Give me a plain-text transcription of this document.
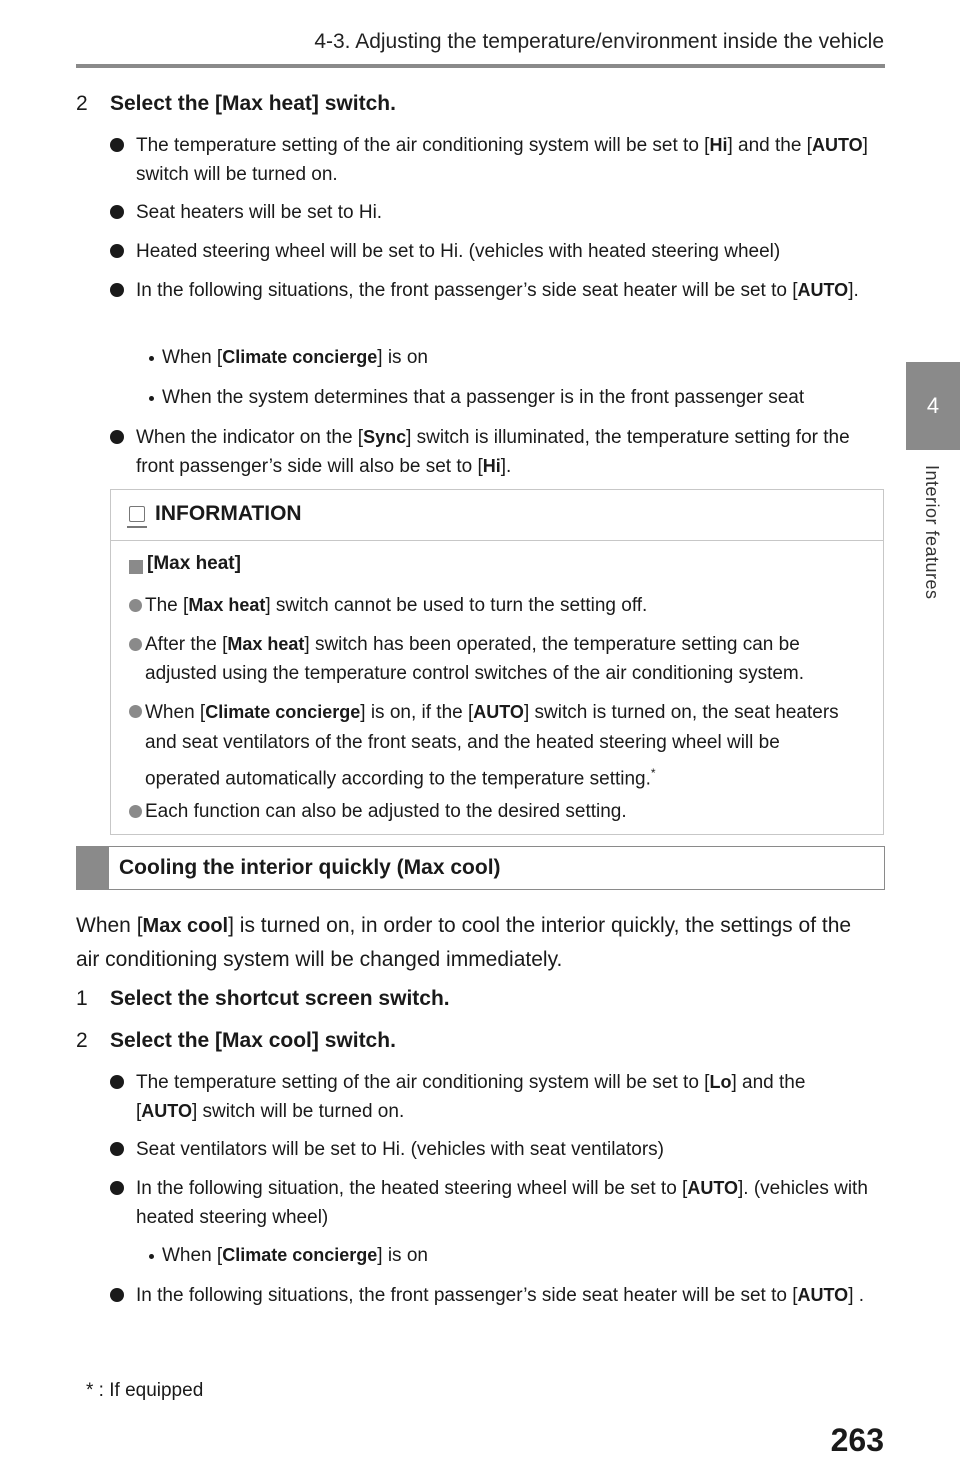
4-3. Adjusting the temperature/environment inside the vehicle
4
Interior features
2 Select the [Max heat] switch.
The temperature setting of the air conditioning system will be set to [Hi] and the [AUTO] switch will be turned on.
Seat heaters will be set to Hi.
Heated steering wheel will be set to Hi. (vehicles with heated steering wheel)
In the following situations, the front passenger’s side seat heater will be set to [AUTO].
When [Climate concierge] is on
When the system determines that a passenger is in the front passenger seat
When the indicator on the [Sync] switch is illuminated, the temperature setting for the front passenger’s side will also be set to [Hi].
INFORMATION
[Max heat]
The [Max heat] switch cannot be used to turn the setting off.
After the [Max heat] switch has been operated, the temperature setting can be adjusted using the temperature control switches of the air conditioning system.
When [Climate concierge] is on, if the [AUTO] switch is turned on, the seat heaters and seat ventilators of the front seats, and the heated steering wheel will be operated automatically according to the temperature setting.*
Each function can also be adjusted to the desired setting.
Cooling the interior quickly (Max cool)
When [Max cool] is turned on, in order to cool the interior quickly, the settings of the air conditioning system will be changed immediately.
1 Select the shortcut screen switch.
2 Select the [Max cool] switch.
The temperature setting of the air conditioning system will be set to [Lo] and the [AUTO] switch will be turned on.
Seat ventilators will be set to Hi. (vehicles with seat ventilators)
In the following situation, the heated steering wheel will be set to [AUTO]. (vehicles with heated steering wheel)
When [Climate concierge] is on
In the following situations, the front passenger’s side seat heater will be set to [AUTO] .
* : If equipped
263
